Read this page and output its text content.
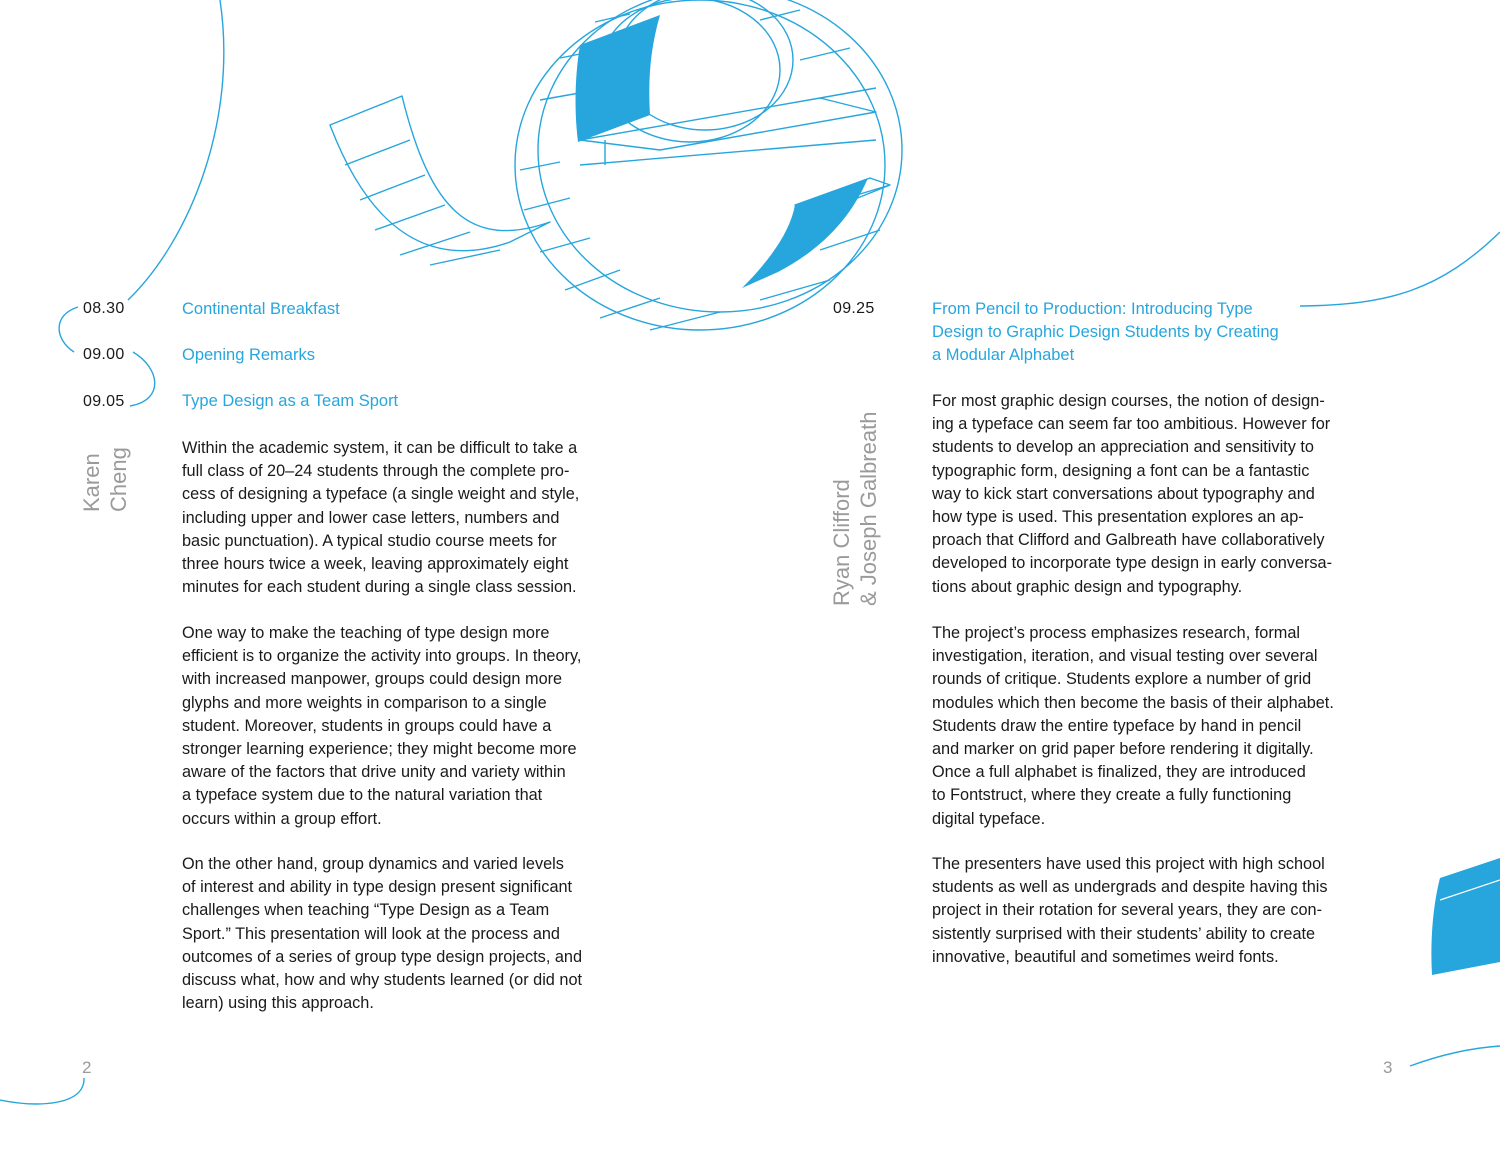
08.30	Continental Breakfast
09.00	Opening Remarks
09.05	Type Design as a Team Sport
Karen Cheng	Within the academic system, it can be difficult to take a
full class of 20–24 students through the complete pro-
cess of designing a typeface (a single weight and style,
including upper and lower case letters, numbers and
basic punctuation). A typical studio course meets for
three hours twice a week, leaving approximately eight
minutes for each student during a single class session.
One way to make the teaching of type design more
efficient is to organize the activity into groups. In theory,
with increased manpower, groups could design more
glyphs and more weights in comparison to a single
student. Moreover, students in groups could have a
stronger learning experience; they might become more
aware of the factors that drive unity and variety within
a typeface system due to the natural variation that
occurs within a group effort.
On the other hand, group dynamics and varied levels
of interest and ability in type design present significant
challenges when teaching “Type Design as a Team
Sport.” This presentation will look at the process and
outcomes of a series of group type design projects, and
discuss what, how and why students learned (or did not
learn) using this approach.
2
09.25	From Pencil to Production: Introducing Type
Design to Graphic Design Students by Creating
a Modular Alphabet
Ryan Clifford & Joseph Galbreath
For most graphic design courses, the notion of design-
ing a typeface can seem far too ambitious. However for
students to develop an appreciation and sensitivity to
typographic form, designing a font can be a fantastic
way to kick start conversations about typography and
how type is used. This presentation explores an ap-
proach that Clifford and Galbreath have collaboratively
developed to incorporate type design in early conversa-
tions about graphic design and typography.
The project’s process emphasizes research, formal
investigation, iteration, and visual testing over several
rounds of critique. Students explore a number of grid
modules which then become the basis of their alphabet.
Students draw the entire typeface by hand in pencil
and marker on grid paper before rendering it digitally.
Once a full alphabet is finalized, they are introduced
to Fontstruct, where they create a fully functioning
digital typeface.
The presenters have used this project with high school
students as well as undergrads and despite having this
project in their rotation for several years, they are con-
sistently surprised with their students’ ability to create
innovative, beautiful and sometimes weird fonts.
3
